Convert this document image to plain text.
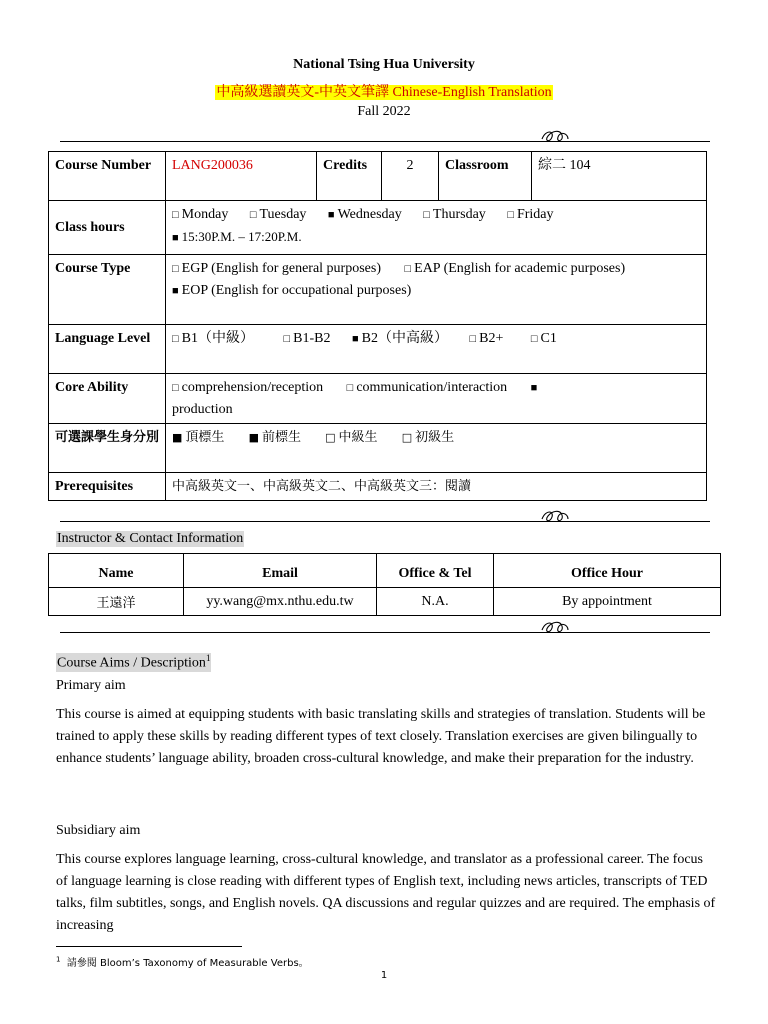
National Tsing Hua University
中高級選讀英文-中英文筆譯 Chinese-English Translation
Fall 2022
Course Number	LANG200036	Credits	2	Classroom	綜二 104
Class hours	□ Monday □ Tuesday ■ Wednesday □ Thursday □ Friday
■ 15:30P.M. – 17:20P.M.

Course Type	□ EGP (English for general purposes) □ EAP (English for academic purposes)
■ EOP (English for occupational purposes)
Language Level	□ B1（中級） □ B1-B2 ■ B2（中高級） □ B2+ □ C1
Core Ability	□ comprehension/reception □ communication/interaction ■
production
可選課學生身分別	■ 頂標生 ■ 前標生 □ 中級生 □ 初級生
Prerequisites	中高級英文一、中高級英文二、中高級英文三：閱讀				
Instructor & Contact Information
Name	Email	Office & Tel	Office Hour
王遠洋	yy.wang@mx.nthu.edu.tw	N.A.	By appointment
Course Aims / Description$^1$
Primary aim
This course is aimed at equipping students with basic translating skills and strategies of translation. Students will be trained to apply these skills by reading different types of text closely. Translation exercises are given bilingually to enhance students’ language ability, broaden cross-cultural knowledge, and make their preparation for the industry.
Subsidiary aim
This course explores language learning, cross-cultural knowledge, and translator as a professional career. The focus of language learning is close reading with different types of English text, including news articles, transcripts of TED talks, film subtitles, songs, and English novels. QA discussions and regular quizzes and are required. The emphasis of increasing
$^1$ 請參閱 Bloom’s Taxonomy of Measurable Verbs。
1
